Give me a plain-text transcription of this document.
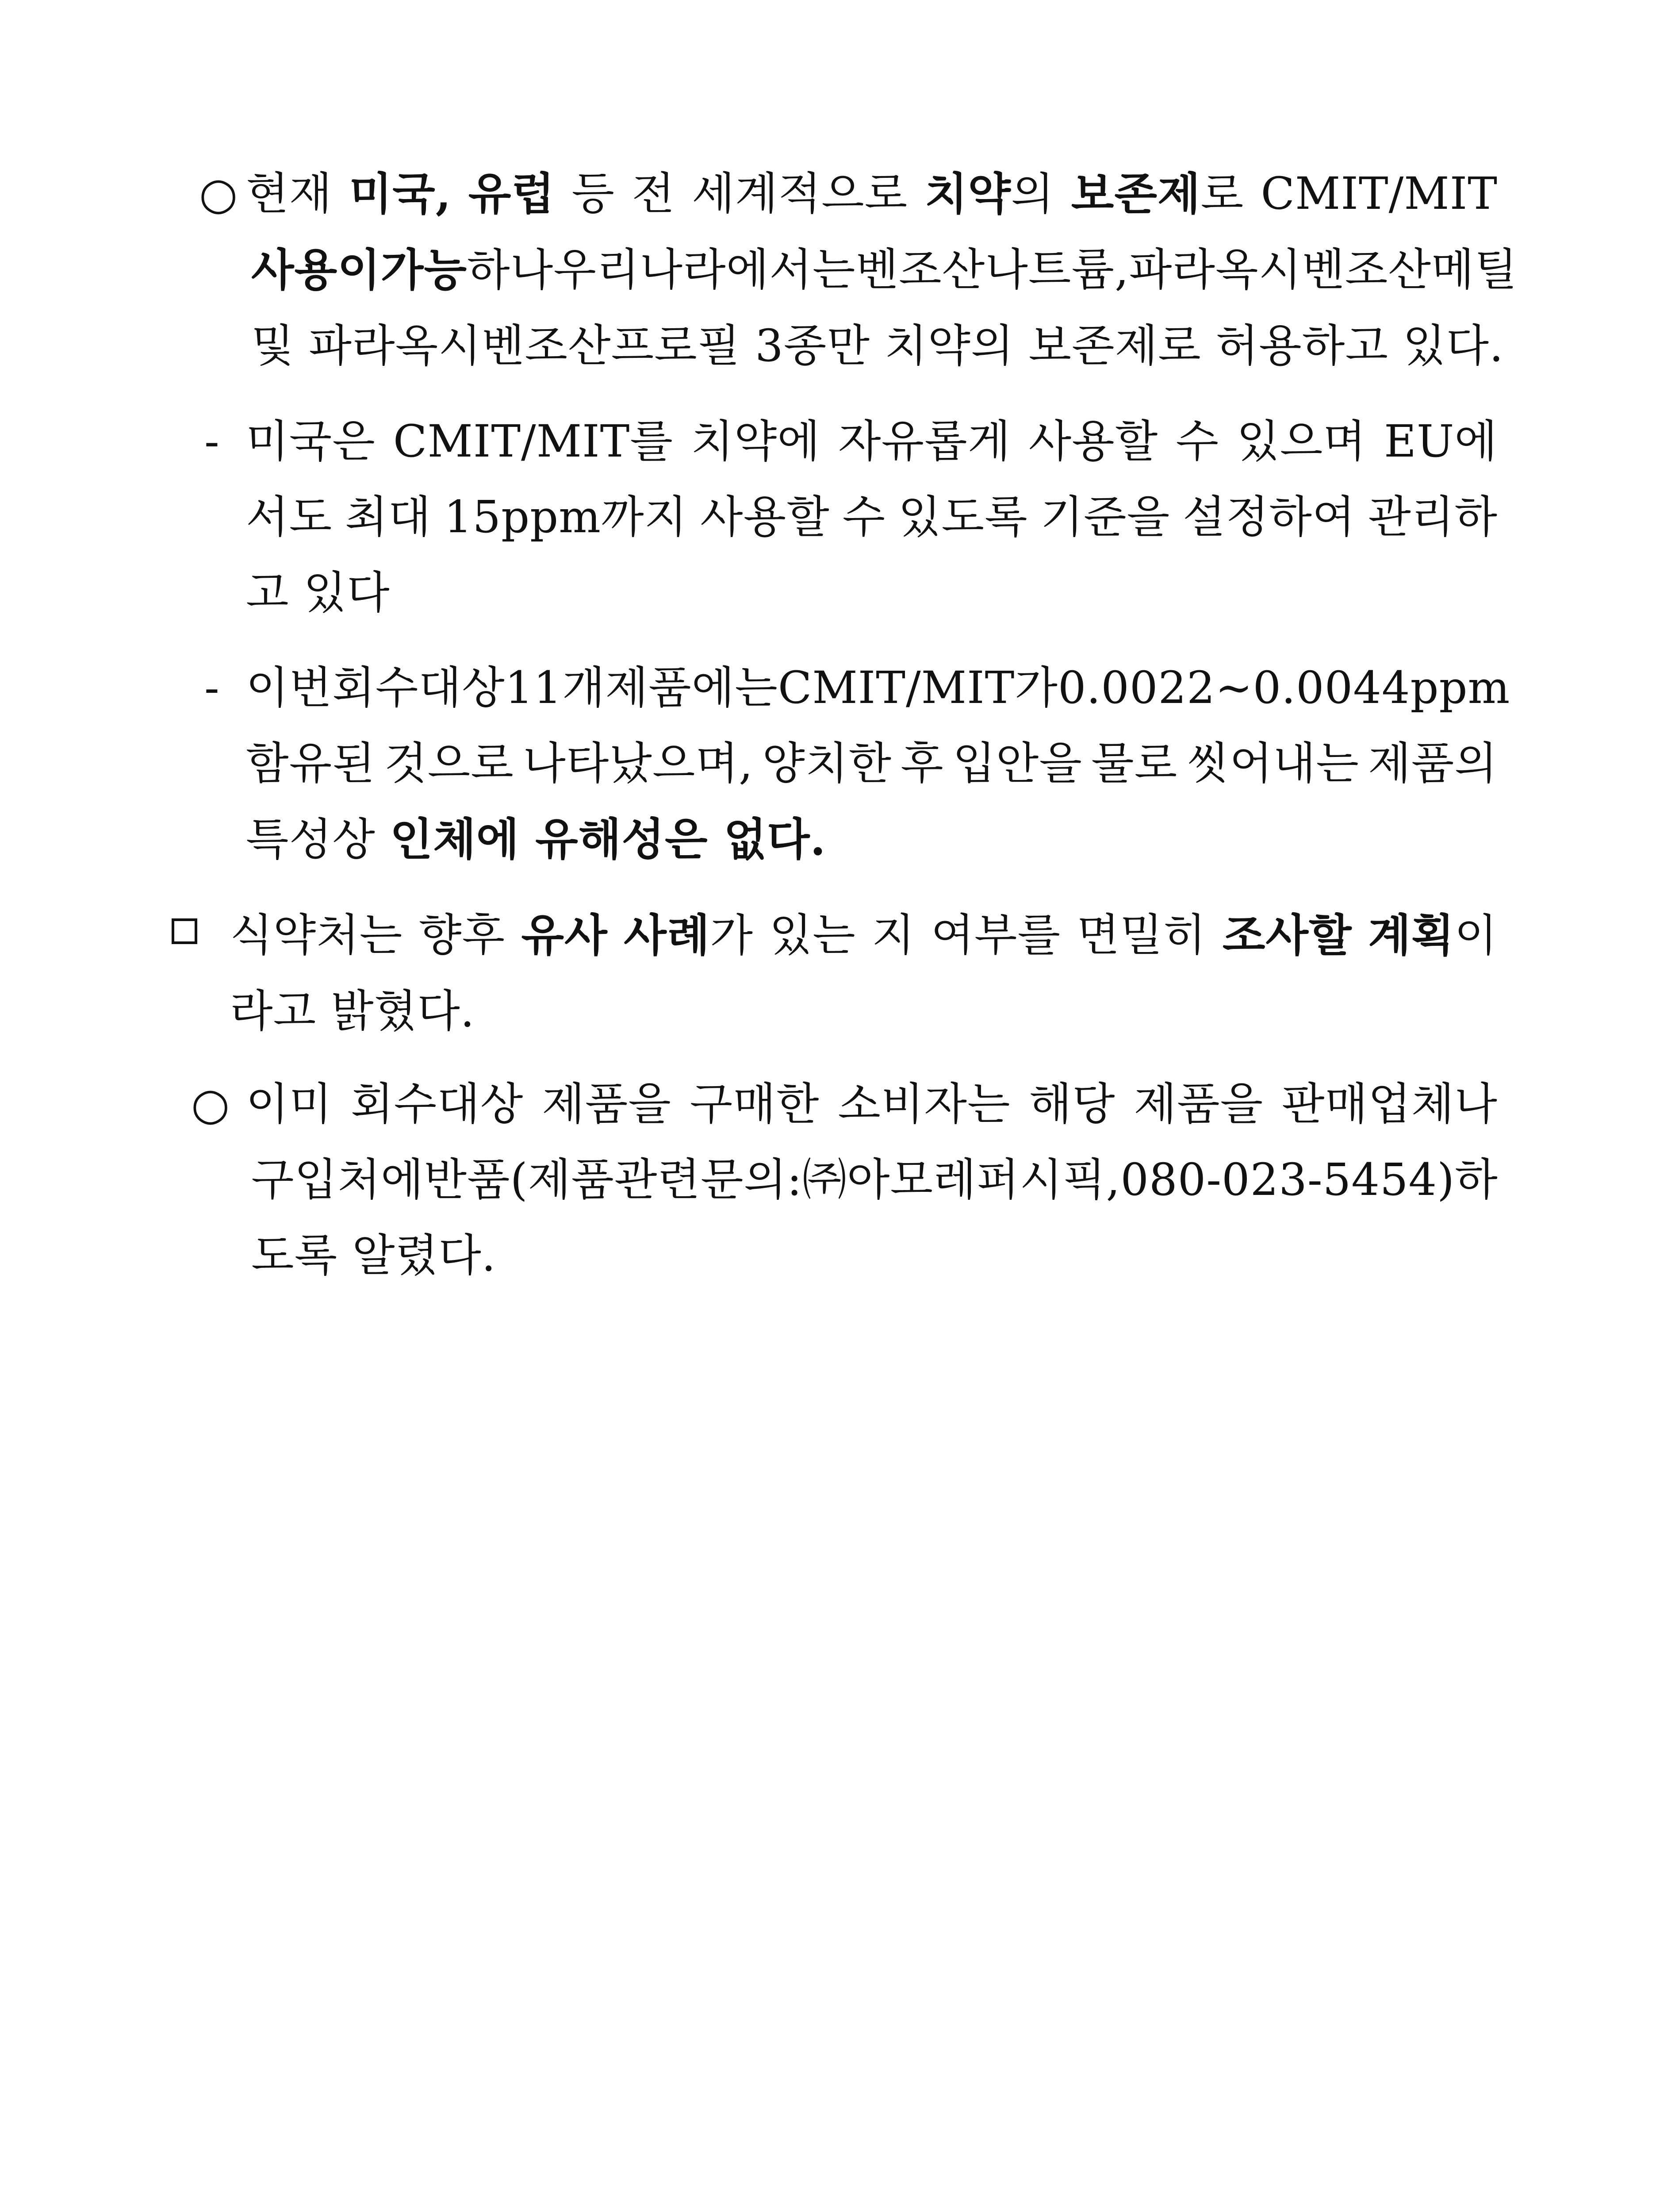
○ 현재 미국, 유럽 등 전 세계적으로 치약의 보존제로 CMIT/MIT
사용이 가능하나 우리나라에서는 벤조산나트륨, 파라옥시벤조산메틸
및 파라옥시벤조산프로필 3종만 치약의 보존제로 허용하고 있다.
- 미국은 CMIT/MIT를 치약에 자유롭게 사용할 수 있으며 EU에
서도 최대 15ppm까지 사용할 수 있도록 기준을 설정하여 관리하
고 있다
- 이번 회수대상 11개 제품에는 CMIT/MIT가 0.0022∼0.0044ppm
함유된 것으로 나타났으며, 양치한 후 입안을 물로 씻어내는 제품의
특성상 인체에 유해성은 없다.
식약처는 향후 유사 사례가 있는 지 여부를 면밀히 조사할 계획이
라고 밝혔다.
○ 이미 회수대상 제품을 구매한 소비자는 해당 제품을 판매업체나
구입처에 반품(제품 관련 문의: ㈜아모레퍼시픽, 080-023-5454)하
도록 알렸다.
